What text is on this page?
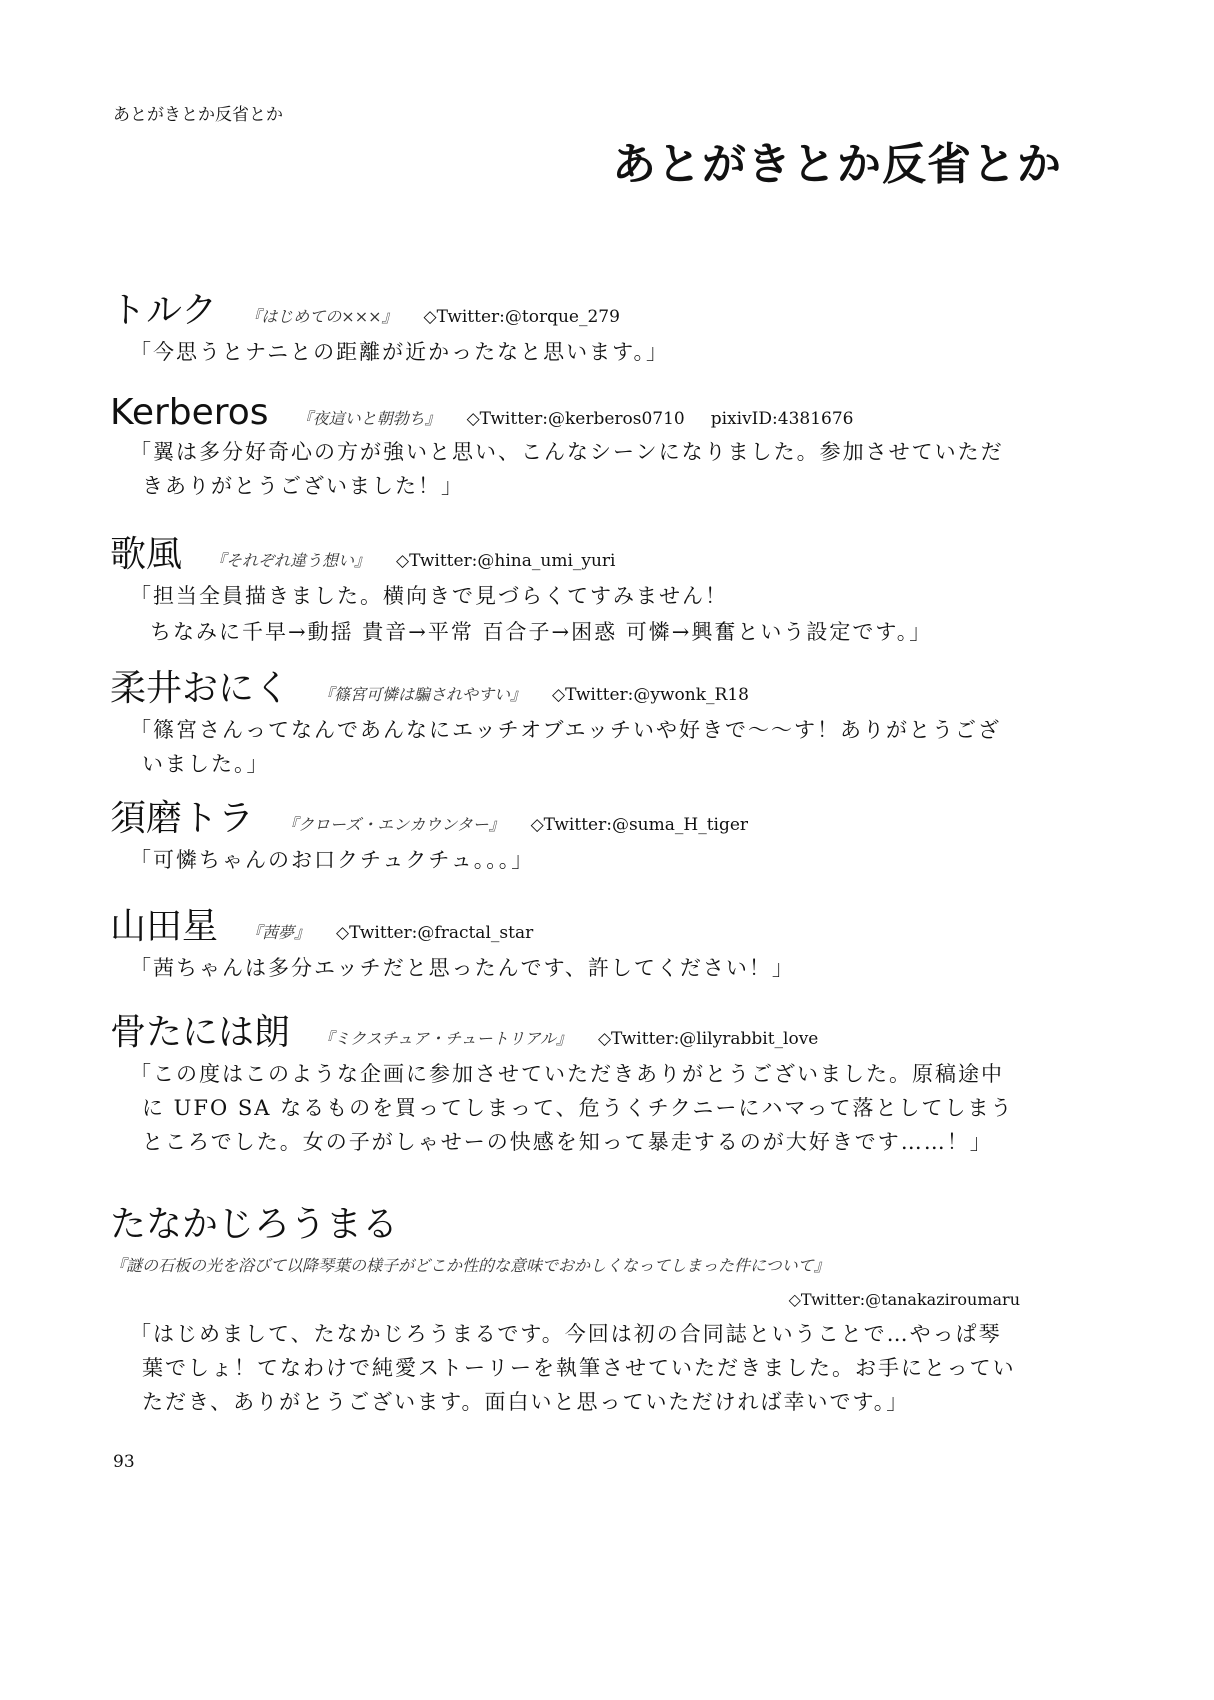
あとがきとか反省とか
あとがきとか反省とか
トルク 『はじめての×××』 ◇Twitter:@torque_279
「今思うとナニとの距離が近かったなと思います。」
Kerberos 『夜這いと朝勃ち』 ◇Twitter:@kerberos0710 pixivID:4381676
「翼は多分好奇心の方が強いと思い、こんなシーンになりました。参加させていただきありがとうございました！」
歌風 『それぞれ違う想い』 ◇Twitter:@hina_umi_yuri
「担当全員描きました。横向きで見づらくてすみません！
ちなみに千早→動揺 貴音→平常 百合子→困惑 可憐→興奮という設定です。」
柔井おにく 『篠宮可憐は騙されやすい』 ◇Twitter:@ywonk_R18
「篠宮さんってなんであんなにエッチオブエッチいや好きで〜〜す！ありがとうございました。」
須磨トラ 『クローズ・エンカウンター』 ◇Twitter:@suma_H_tiger
「可憐ちゃんのお口クチュクチュ。。。」
山田星 『茜夢』 ◇Twitter:@fractal_star
「茜ちゃんは多分エッチだと思ったんです、許してください！」
骨たには朗 『ミクスチュア・チュートリアル』 ◇Twitter:@lilyrabbit_love
「この度はこのような企画に参加させていただきありがとうございました。原稿途中に UFO SA なるものを買ってしまって、危うくチクニーにハマって落としてしまうところでした。女の子がしゃせーの快感を知って暴走するのが大好きです……！」
たなかじろうまる
『謎の石板の光を浴びて以降琴葉の様子がどこか性的な意味でおかしくなってしまった件について』
◇Twitter:@tanakaziroumaru
「はじめまして、たなかじろうまるです。今回は初の合同誌ということで…やっぱ琴葉でしょ！てなわけで純愛ストーリーを執筆させていただきました。お手にとっていただき、ありがとうございます。面白いと思っていただければ幸いです。」
93
